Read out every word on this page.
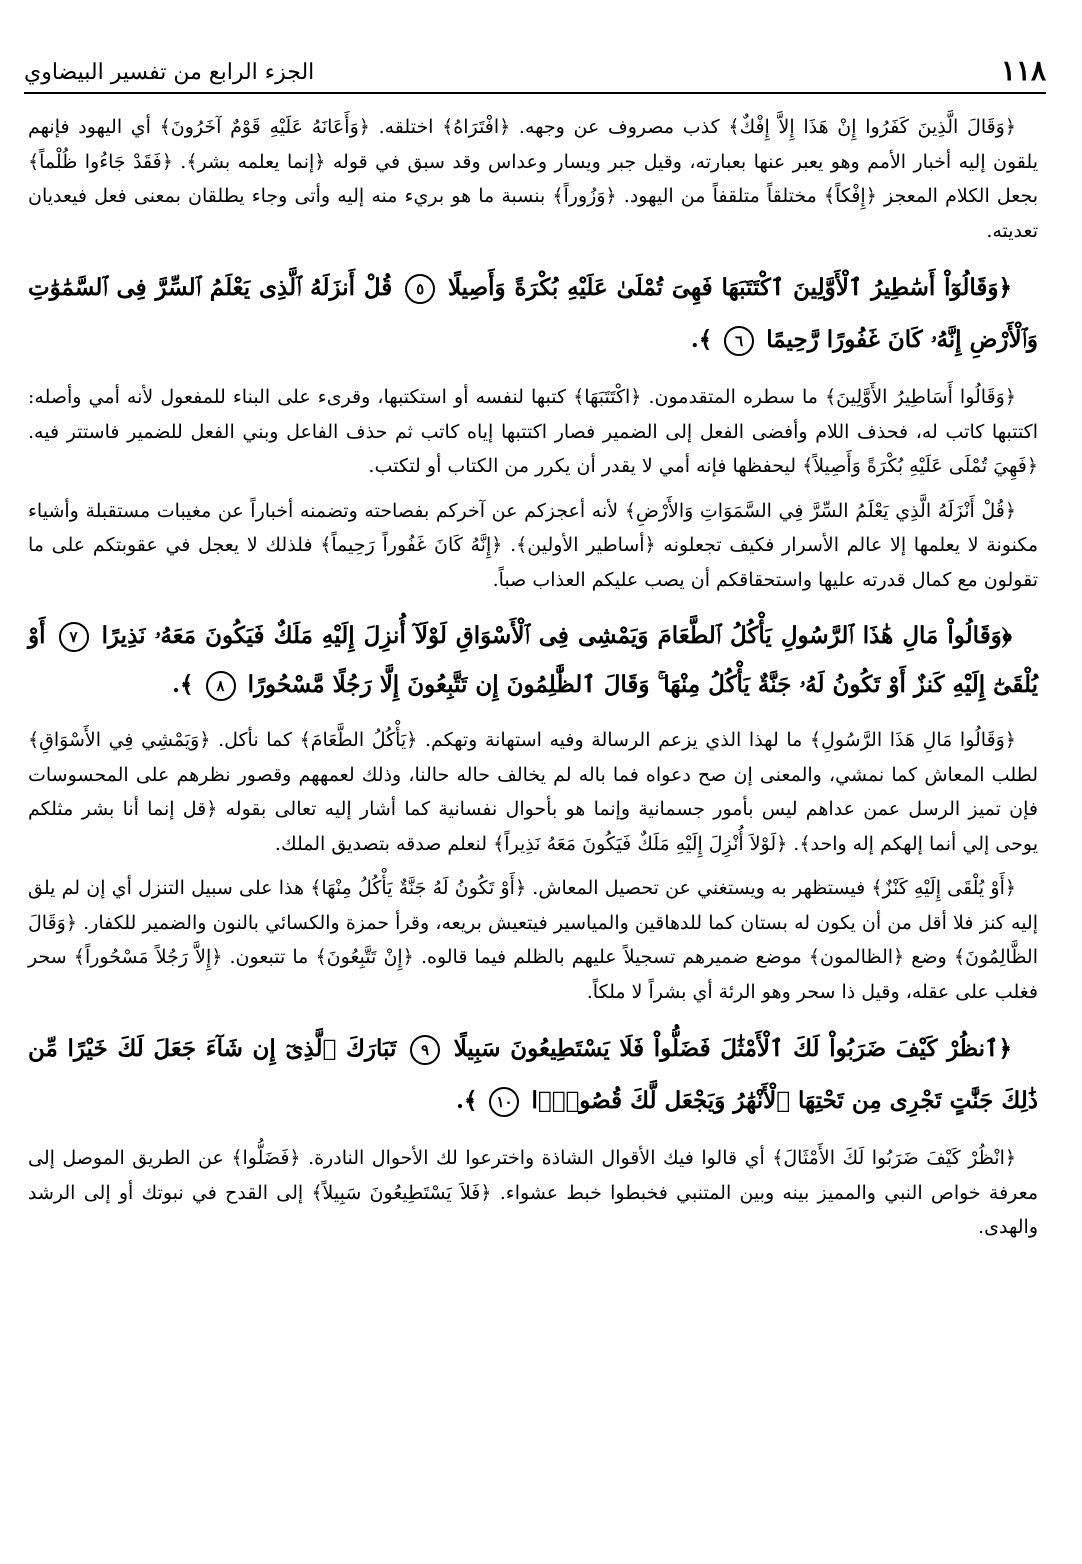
١١٨
الجزء الرابع من تفسير البيضاوي

﴿وَقَالَ الَّذِينَ كَفَرُوا إِنْ هَذَا إِلاَّ إِفْكٌ﴾ كذب مصروف عن وجهه. ﴿افْتَرَاهُ﴾ اختلقه. ﴿وَأَعَانَهُ عَلَيْهِ قَوْمٌ آخَرُونَ﴾ أي اليهود فإنهم يلقون إليه أخبار الأمم وهو يعبر عنها بعبارته، وقيل جبر ويسار وعداس وقد سبق في قوله ﴿إنما يعلمه بشر﴾. ﴿فَقَدْ جَاءُوا ظُلْماً﴾ بجعل الكلام المعجز ﴿إِفْكاً﴾ مختلقاً متلقفاً من اليهود. ﴿وَزُوراً﴾ بنسبة ما هو بريء منه إليه وأتى وجاء يطلقان بمعنى فعل فيعديان تعديته.

﴿وَقَالُوٓاْ أَسَٰطِيرُ ٱلْأَوَّلِينَ ٱكْتَتَبَهَا فَهِىَ تُمْلَىٰ عَلَيْهِ بُكْرَةً وَأَصِيلًا ٥ قُلْ أَنزَلَهُ ٱلَّذِى يَعْلَمُ ٱلسِّرَّ فِى ٱلسَّمَٰوَٰتِ وَٱلْأَرْضِ إِنَّهُۥ كَانَ غَفُورًا رَّحِيمًا ٦ ﴾.

﴿وَقَالُوا أَسَاطِيرُ الأَوَّلِينَ﴾ ما سطره المتقدمون. ﴿اكْتَتَبَهَا﴾ كتبها لنفسه أو استكتبها، وقرىء على البناء للمفعول لأنه أمي وأصله: اكتتبها كاتب له، فحذف اللام وأفضى الفعل إلى الضمير فصار اكتتبها إياه كاتب ثم حذف الفاعل وبني الفعل للضمير فاستتر فيه. ﴿فَهِيَ تُمْلَى عَلَيْهِ بُكْرَةً وَأَصِيلاً﴾ ليحفظها فإنه أمي لا يقدر أن يكرر من الكتاب أو لتكتب.

﴿قُلْ أَنْزَلَهُ الَّذِي يَعْلَمُ السِّرَّ فِي السَّمَوَاتِ وَالأَرْضِ﴾ لأنه أعجزكم عن آخركم بفصاحته وتضمنه أخباراً عن مغيبات مستقبلة وأشياء مكنونة لا يعلمها إلا عالم الأسرار فكيف تجعلونه ﴿أساطير الأولين﴾. ﴿إِنَّهُ كَانَ غَفُوراً رَحِيماً﴾ فلذلك لا يعجل في عقوبتكم على ما تقولون مع كمال قدرته عليها واستحقاقكم أن يصب عليكم العذاب صباً.

﴿وَقَالُواْ مَالِ هَٰذَا ٱلرَّسُولِ يَأْكُلُ ٱلطَّعَامَ وَيَمْشِى فِى ٱلْأَسْوَاقِ لَوْلَآ أُنزِلَ إِلَيْهِ مَلَكٌ فَيَكُونَ مَعَهُۥ نَذِيرًا ٧ أَوْ يُلْقَىٰٓ إِلَيْهِ كَنزٌ أَوْ تَكُونُ لَهُۥ جَنَّةٌ يَأْكُلُ مِنْهَا ۚ وَقَالَ ٱلظَّٰلِمُونَ إِن تَتَّبِعُونَ إِلَّا رَجُلًا مَّسْحُورًا ٨ ﴾.

﴿وَقَالُوا مَالِ هَذَا الرَّسُولِ﴾ ما لهذا الذي يزعم الرسالة وفيه استهانة وتهكم. ﴿يَأْكُلُ الطَّعَامَ﴾ كما نأكل. ﴿وَيَمْشِي فِي الأَسْوَاقِ﴾ لطلب المعاش كما نمشي، والمعنى إن صح دعواه فما باله لم يخالف حاله حالنا، وذلك لعمههم وقصور نظرهم على المحسوسات فإن تميز الرسل عمن عداهم ليس بأمور جسمانية وإنما هو بأحوال نفسانية كما أشار إليه تعالى بقوله ﴿قل إنما أنا بشر مثلكم يوحى إلي أنما إلهكم إله واحد﴾. ﴿لَوْلاَ أُنْزِلَ إِلَيْهِ مَلَكٌ فَيَكُونَ مَعَهُ نَذِيراً﴾ لنعلم صدقه بتصديق الملك.

﴿أَوْ يُلْقَى إِلَيْهِ كَنْزٌ﴾ فيستظهر به ويستغني عن تحصيل المعاش. ﴿أَوْ تَكُونُ لَهُ جَنَّةٌ يَأْكُلُ مِنْهَا﴾ هذا على سبيل التنزل أي إن لم يلق إليه كنز فلا أقل من أن يكون له بستان كما للدهاقين والمياسير فيتعيش بريعه، وقرأ حمزة والكسائي بالنون والضمير للكفار. ﴿وَقَالَ الظَّالِمُونَ﴾ وضع ﴿الظالمون﴾ موضع ضميرهم تسجيلاً عليهم بالظلم فيما قالوه. ﴿إِنْ تَتَّبِعُونَ﴾ ما تتبعون. ﴿إِلاَّ رَجُلاً مَسْحُوراً﴾ سحر فغلب على عقله، وقيل ذا سحر وهو الرئة أي بشراً لا ملكاً.

﴿ٱنظُرْ كَيْفَ ضَرَبُواْ لَكَ ٱلْأَمْثَٰلَ فَضَلُّواْ فَلَا يَسْتَطِيعُونَ سَبِيلًا ٩ تَبَارَكَ ٱلَّذِىٓ إِن شَآءَ جَعَلَ لَكَ خَيْرًا مِّن ذَٰلِكَ جَنَّٰتٍ تَجْرِى مِن تَحْتِهَا ٱلْأَنْهَٰرُ وَيَجْعَل لَّكَ قُصُورًۢا ١٠ ﴾.

﴿انْظُرْ كَيْفَ ضَرَبُوا لَكَ الأَمْثَالَ﴾ أي قالوا فيك الأقوال الشاذة واخترعوا لك الأحوال النادرة. ﴿فَضَلُّوا﴾ عن الطريق الموصل إلى معرفة خواص النبي والمميز بينه وبين المتنبي فخبطوا خبط عشواء. ﴿فَلاَ يَسْتَطِيعُونَ سَبِيلاً﴾ إلى القدح في نبوتك أو إلى الرشد والهدى.
